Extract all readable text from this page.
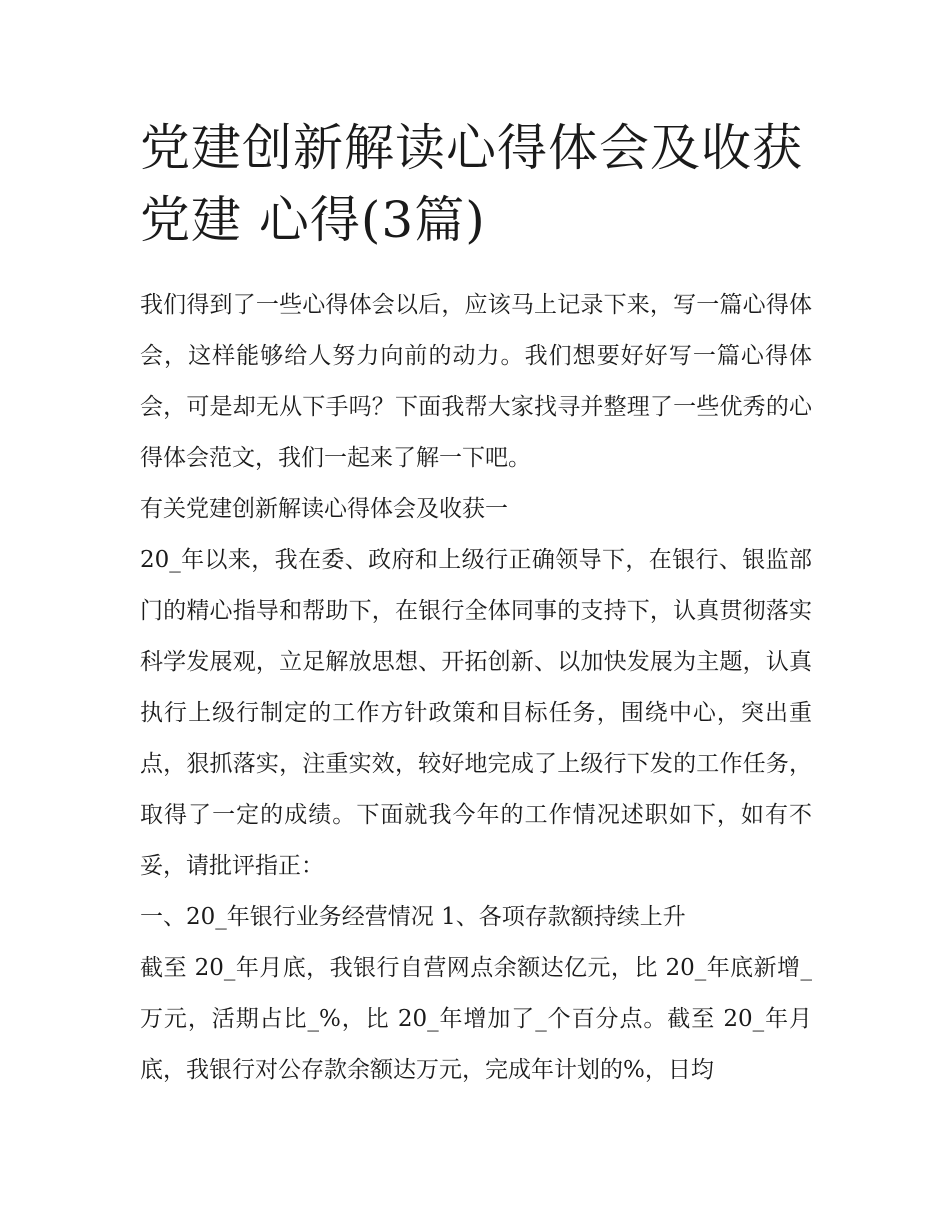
党建创新解读心得体会及收获党建 心得(3篇)

我们得到了一些心得体会以后，应该马上记录下来，写一篇心得体会，这样能够给人努力向前的动力。我们想要好好写一篇心得体会，可是却无从下手吗？下面我帮大家找寻并整理了一些优秀的心得体会范文，我们一起来了解一下吧。

有关党建创新解读心得体会及收获一

20_年以来，我在委、政府和上级行正确领导下，在银行、银监部门的精心指导和帮助下，在银行全体同事的支持下，认真贯彻落实科学发展观，立足解放思想、开拓创新、以加快发展为主题，认真执行上级行制定的工作方针政策和目标任务，围绕中心，突出重点，狠抓落实，注重实效，较好地完成了上级行下发的工作任务，取得了一定的成绩。下面就我今年的工作情况述职如下，如有不妥，请批评指正：

一、20_年银行业务经营情况 1、各项存款额持续上升

截至 20_年月底，我银行自营网点余额达亿元，比 20_年底新增_万元，活期占比_%，比 20_年增加了_个百分点。截至 20_年月底，我银行对公存款余额达万元，完成年计划的%，日均
